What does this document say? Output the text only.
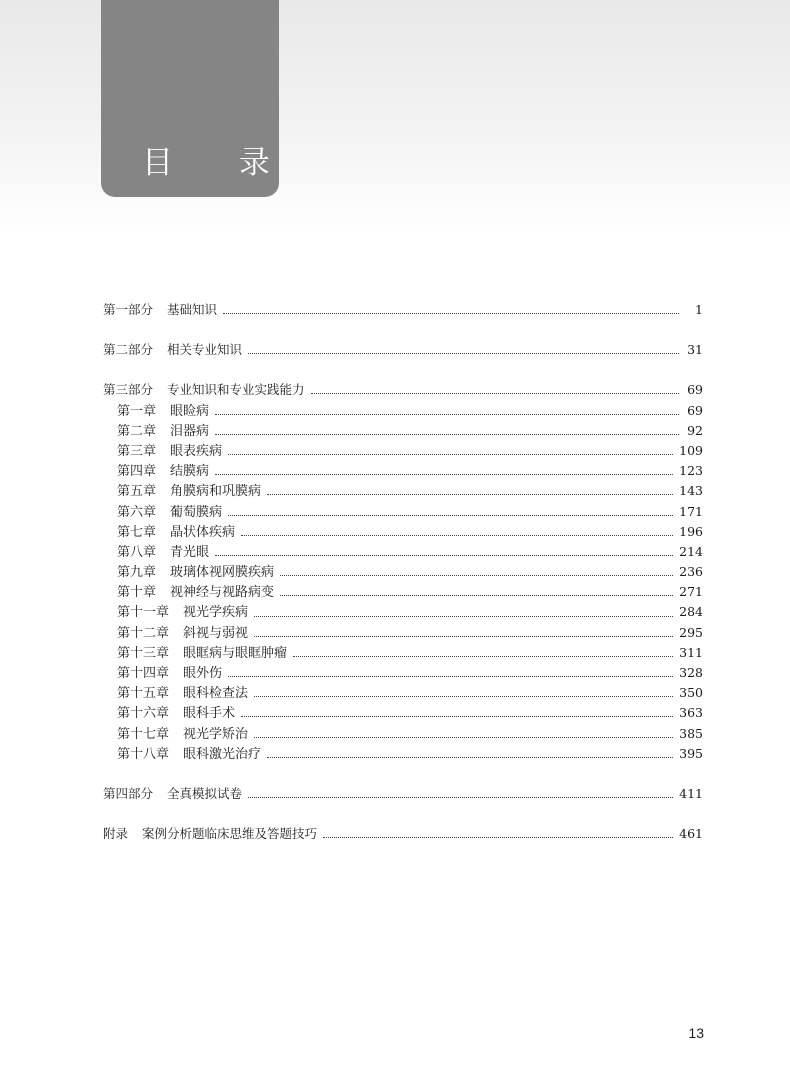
目 录
第一部分 基础知识	1
第二部分 相关专业知识	31
第三部分 专业知识和专业实践能力	69
第一章 眼睑病	69
第二章 泪器病	92
第三章 眼表疾病	109
第四章 结膜病	123
第五章 角膜病和巩膜病	143
第六章 葡萄膜病	171
第七章 晶状体疾病	196
第八章 青光眼	214
第九章 玻璃体视网膜疾病	236
第十章 视神经与视路病变	271
第十一章 视光学疾病	284
第十二章 斜视与弱视	295
第十三章 眼眶病与眼眶肿瘤	311
第十四章 眼外伤	328
第十五章 眼科检查法	350
第十六章 眼科手术	363
第十七章 视光学矫治	385
第十八章 眼科激光治疗	395
第四部分 全真模拟试卷	411
附录 案例分析题临床思维及答题技巧	461
13
